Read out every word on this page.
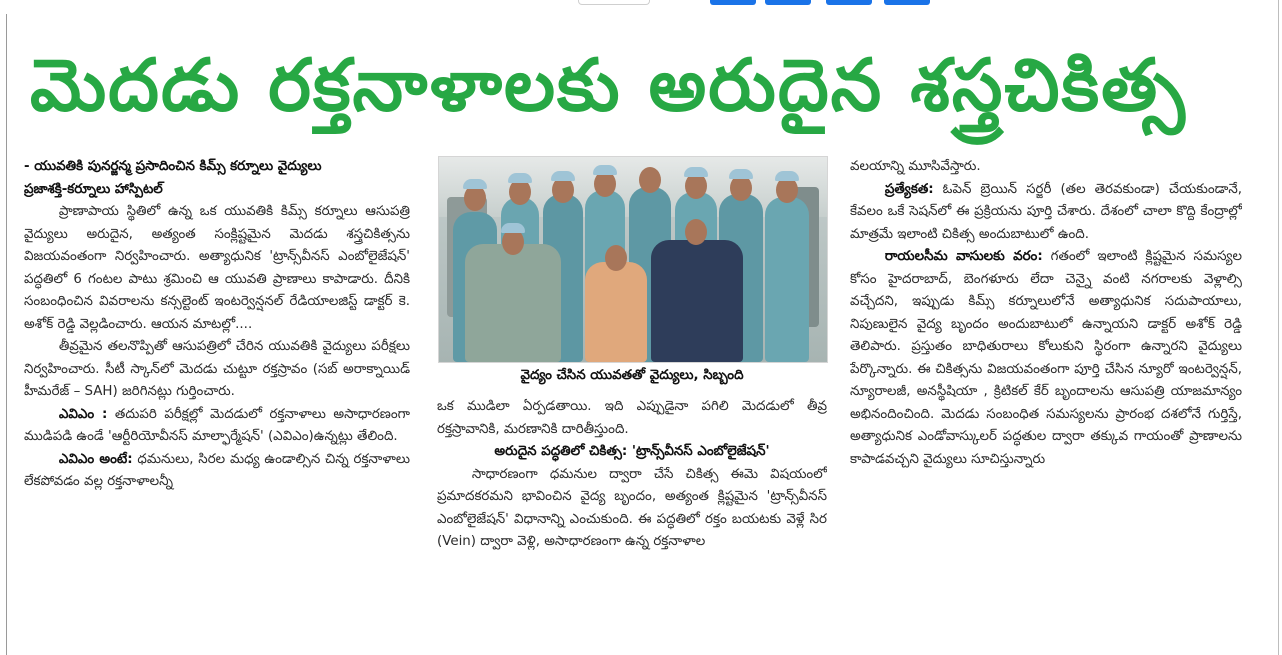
మెదడు రక్తనాళాలకు అరుదైన శస్త్రచికిత్స

- యువతికి పునర్జన్మ ప్రసాదించిన కిమ్స్ కర్నూలు వైద్యులు

ప్రజాశక్తి-కర్నూలు హాస్పిటల్

ప్రాణాపాయ స్థితిలో ఉన్న ఒక యువతికి కిమ్స్ కర్నూలు ఆసుపత్రి వైద్యులు అరుదైన, అత్యంత సంక్లిష్టమైన మెదడు శస్త్రచికిత్సను విజయవంతంగా నిర్వహించారు. అత్యాధునిక 'ట్రాన్స్‌వీనస్ ఎంబోలైజేషన్' పద్ధతిలో 6 గంటల పాటు శ్రమించి ఆ యువతి ప్రాణాలు కాపాడారు. దీనికి సంబంధించిన వివరాలను కన్సల్టెంట్ ఇంటర్వెన్షనల్ రేడియాలజిస్ట్ డాక్టర్ కె. అశోక్ రెడ్డి వెల్లడించారు. ఆయన మాటల్లో....

తీవ్రమైన తలనొప్పితో ఆసుపత్రిలో చేరిన యువతికి వైద్యులు పరీక్షలు నిర్వహించారు. సీటీ స్కాన్‌లో మెదడు చుట్టూ రక్తస్రావం (సబ్ అరాక్నాయిడ్ హీమరేజ్ – SAH) జరిగినట్లు గుర్తించారు.

ఎవిఎం : తదుపరి పరీక్షల్లో మెదడులో రక్తనాళాలు అసాధారణంగా ముడిపడి ఉండే 'ఆర్టీరియోవీనస్ మాల్ఫార్మేషన్' (ఎవిఎం)ఉన్నట్లు తేలింది.

ఎవిఎం అంటే: ధమనులు, సిరల మధ్య ఉండాల్సిన చిన్న రక్తనాళాలు లేకపోవడం వల్ల రక్తనాళాలన్నీ

వైద్యం చేసిన యువతతో వైద్యులు, సిబ్బంది

ఒక ముడిలా ఏర్పడతాయి. ఇది ఎప్పుడైనా పగిలి మెదడులో తీవ్ర రక్తస్రావానికి, మరణానికి దారితీస్తుంది.

అరుదైన పద్ధతిలో చికిత్స: 'ట్రాన్స్‌వీనస్ ఎంబోలైజేషన్'

సాధారణంగా ధమనుల ద్వారా చేసే చికిత్స ఈమె విషయంలో ప్రమాదకరమని భావించిన వైద్య బృందం, అత్యంత క్లిష్టమైన 'ట్రాన్స్‌వీనస్ ఎంబోలైజేషన్' విధానాన్ని ఎంచుకుంది. ఈ పద్ధతిలో రక్తం బయటకు వెళ్లే సిర (Vein) ద్వారా వెళ్లి, అసాధారణంగా ఉన్న రక్తనాళాల

వలయాన్ని మూసివేస్తారు.

ప్రత్యేకత: ఓపెన్ బ్రెయిన్ సర్జరీ (తల తెరవకుండా) చేయకుండానే, కేవలం ఒకే సెషన్‌లో ఈ ప్రక్రియను పూర్తి చేశారు. దేశంలో చాలా కొద్ది కేంద్రాల్లో మాత్రమే ఇలాంటి చికిత్స అందుబాటులో ఉంది.

రాయలసీమ వాసులకు వరం: గతంలో ఇలాంటి క్లిష్టమైన సమస్యల కోసం హైదరాబాద్, బెంగళూరు లేదా చెన్నై వంటి నగరాలకు వెళ్లాల్సి వచ్చేదని, ఇప్పుడు కిమ్స్ కర్నూలులోనే అత్యాధునిక సదుపాయాలు, నిపుణులైన వైద్య బృందం అందుబాటులో ఉన్నాయని డాక్టర్ అశోక్ రెడ్డి తెలిపారు. ప్రస్తుతం బాధితురాలు కోలుకుని స్థిరంగా ఉన్నారని వైద్యులు పేర్కొన్నారు. ఈ చికిత్సను విజయవంతంగా పూర్తి చేసిన న్యూరో ఇంటర్వెన్షన్, న్యూరాలజీ, అనస్థీషియా , క్రిటికల్ కేర్ బృందాలను ఆసుపత్రి యాజమాన్యం అభినందించింది. మెదడు సంబంధిత సమస్యలను ప్రారంభ దశలోనే గుర్తిస్తే, అత్యాధునిక ఎండోవాస్కులర్ పద్ధతుల ద్వారా తక్కువ గాయంతో ప్రాణాలను కాపాడవచ్చని వైద్యులు సూచిస్తున్నారు
